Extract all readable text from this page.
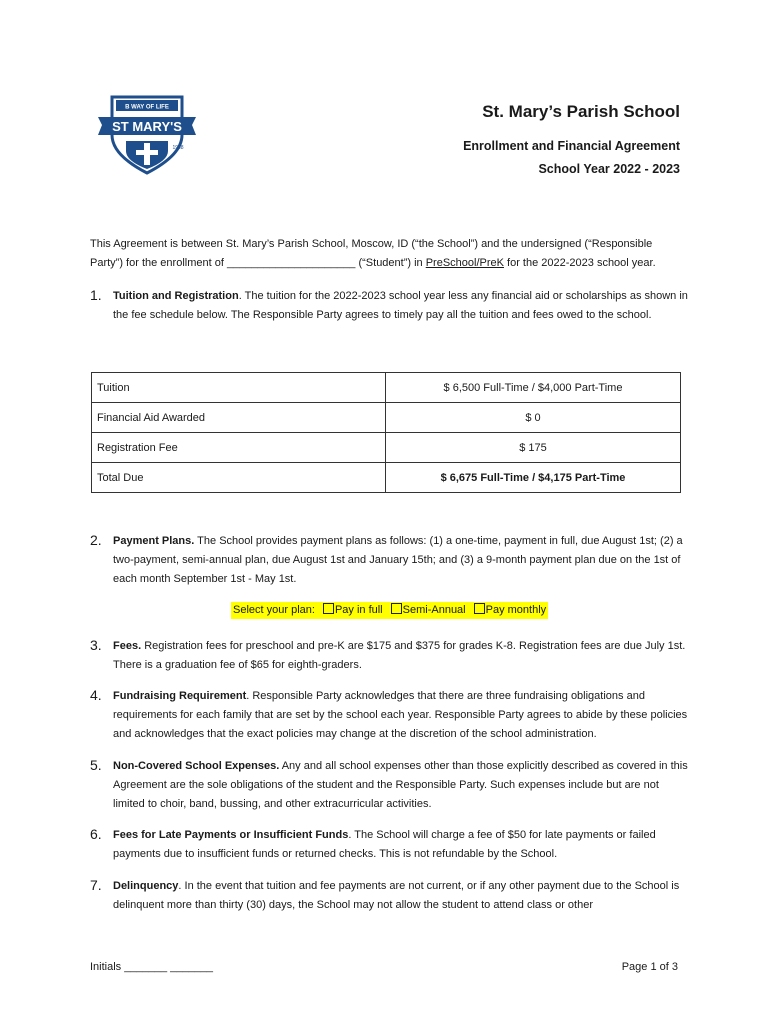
B WAY OF LIFE
ST MARY'S
1908
St. Mary’s Parish School
Enrollment and Financial Agreement
School Year 2022 - 2023
This Agreement is between St. Mary’s Parish School, Moscow, ID (“the School”) and the undersigned (“Responsible
Party”) for the enrollment of _____________________ (“Student”) in PreSchool/PreK for the 2022-2023 school year.
1.	Tuition and Registration. The tuition for the 2022-2023 school year less any financial aid or scholarships as shown in the fee schedule below. The Responsible Party agrees to timely pay all the tuition and fees owed to the school.
Tuition	$ 6,500 Full-Time / $4,000 Part-Time
Financial Aid Awarded	$ 0
Registration Fee	$ 175
Total Due	$ 6,675 Full-Time / $4,175 Part-Time
2.	Payment Plans. The School provides payment plans as follows: (1) a one-time, payment in full, due August 1st; (2) a two-payment, semi-annual plan, due August 1st and January 15th; and (3) a 9-month payment plan due on the 1st of each month September 1st - May 1st.
Select your plan: Pay in full Semi-Annual Pay monthly
3.	Fees. Registration fees for preschool and pre-K are $175 and $375 for grades K-8. Registration fees are due July 1st. There is a graduation fee of $65 for eighth-graders.
4.	Fundraising Requirement. Responsible Party acknowledges that there are three fundraising obligations and requirements for each family that are set by the school each year. Responsible Party agrees to abide by these policies and acknowledges that the exact policies may change at the discretion of the school administration.
5.	Non-Covered School Expenses. Any and all school expenses other than those explicitly described as covered in this Agreement are the sole obligations of the student and the Responsible Party. Such expenses include but are not limited to choir, band, bussing, and other extracurricular activities.
6.	Fees for Late Payments or Insufficient Funds. The School will charge a fee of $50 for late payments or failed payments due to insufficient funds or returned checks. This is not refundable by the School.
7.	Delinquency. In the event that tuition and fee payments are not current, or if any other payment due to the School is delinquent more than thirty (30) days, the School may not allow the student to attend class or other
Initials _______ _______	Page 1 of 3
